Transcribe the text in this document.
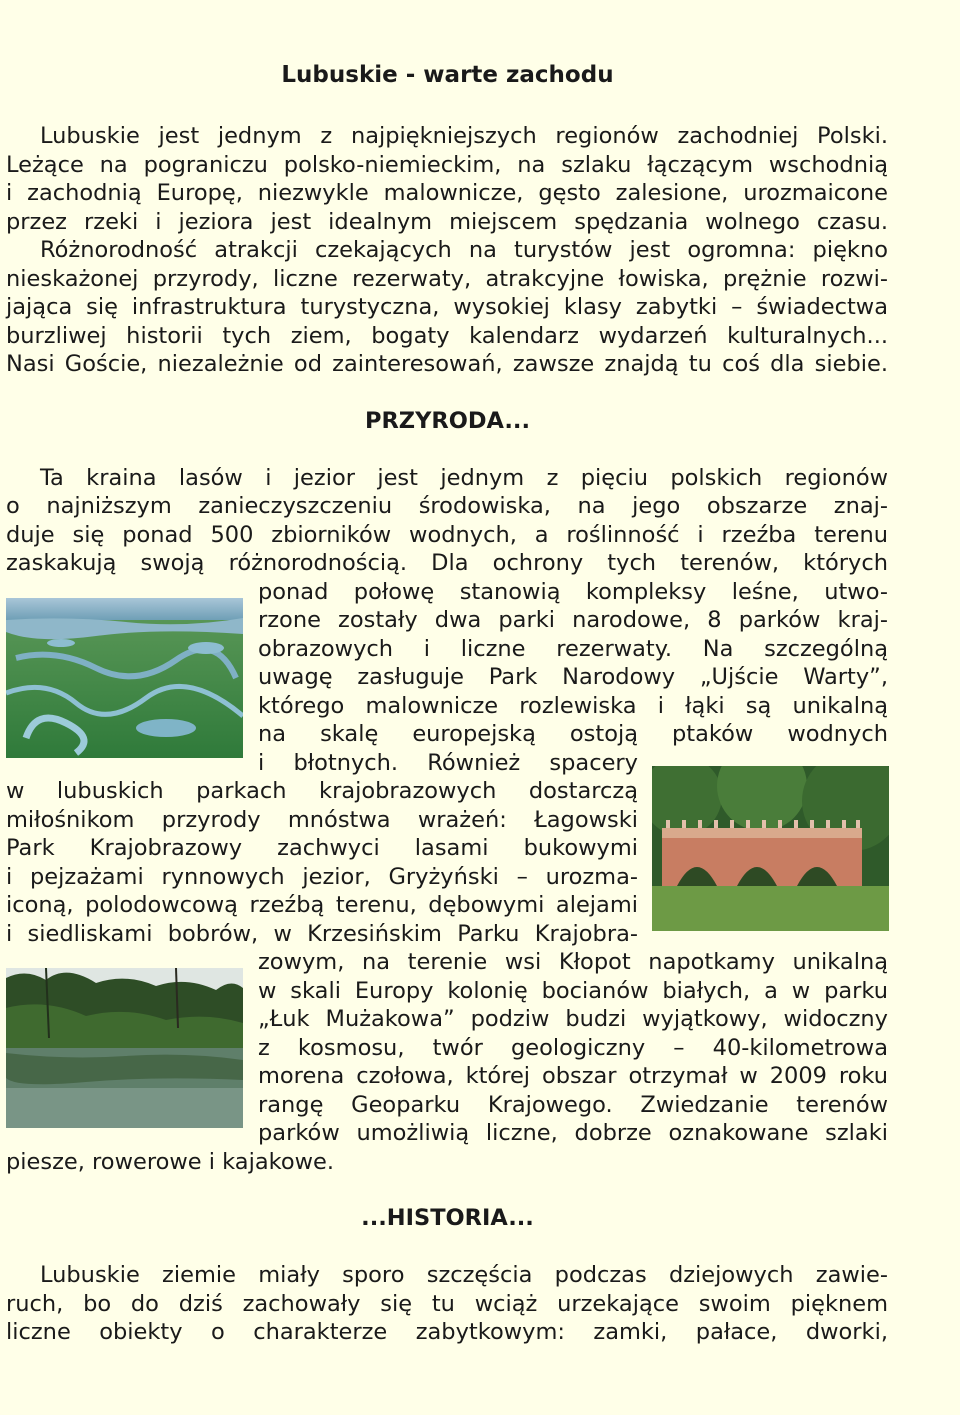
Lubuskie - warte zachodu

Lubuskie jest jednym z najpiękniejszych regionów zachodniej Polski.

Leżące na pograniczu polsko-niemieckim, na szlaku łączącym wschodnią

i zachodnią Europę, niezwykle malownicze, gęsto zalesione, urozmaicone

przez rzeki i jeziora jest idealnym miejscem spędzania wolnego czasu.

Różnorodność atrakcji czekających na turystów jest ogromna: piękno

nieskażonej przyrody, liczne rezerwaty, atrakcyjne łowiska, prężnie rozwi-

jająca się infrastruktura turystyczna, wysokiej klasy zabytki – świadectwa

burzliwej historii tych ziem, bogaty kalendarz wydarzeń kulturalnych...

Nasi Goście, niezależnie od zainteresowań, zawsze znajdą tu coś dla siebie.

PRZYRODA...

Ta kraina lasów i jezior jest jednym z pięciu polskich regionów

o najniższym zanieczyszczeniu środowiska, na jego obszarze znaj-

duje się ponad 500 zbiorników wodnych, a roślinność i rzeźba terenu

zaskakują swoją różnorodnością. Dla ochrony tych terenów, których

ponad połowę stanowią kompleksy leśne, utwo-

rzone zostały dwa parki narodowe, 8 parków kraj-

obrazowych i liczne rezerwaty. Na szczególną

uwagę zasługuje Park Narodowy „Ujście Warty”,

którego malownicze rozlewiska i łąki są unikalną

na skalę europejską ostoją ptaków wodnych

i błotnych. Również spacery

w lubuskich parkach krajobrazowych dostarczą

miłośnikom przyrody mnóstwa wrażeń: Łagowski

Park Krajobrazowy zachwyci lasami bukowymi

i pejzażami rynnowych jezior, Gryżyński – urozma-

iconą, polodowcową rzeźbą terenu, dębowymi alejami

i siedliskami bobrów, w Krzesińskim Parku Krajobra-

zowym, na terenie wsi Kłopot napotkamy unikalną

w skali Europy kolonię bocianów białych, a w parku

„Łuk Mużakowa” podziw budzi wyjątkowy, widoczny

z kosmosu, twór geologiczny – 40-kilometrowa

morena czołowa, której obszar otrzymał w 2009 roku

rangę Geoparku Krajowego. Zwiedzanie terenów

parków umożliwią liczne, dobrze oznakowane szlaki

piesze, rowerowe i kajakowe.

...HISTORIA...

Lubuskie ziemie miały sporo szczęścia podczas dziejowych zawie-

ruch, bo do dziś zachowały się tu wciąż urzekające swoim pięknem

liczne obiekty o charakterze zabytkowym: zamki, pałace, dworki,
